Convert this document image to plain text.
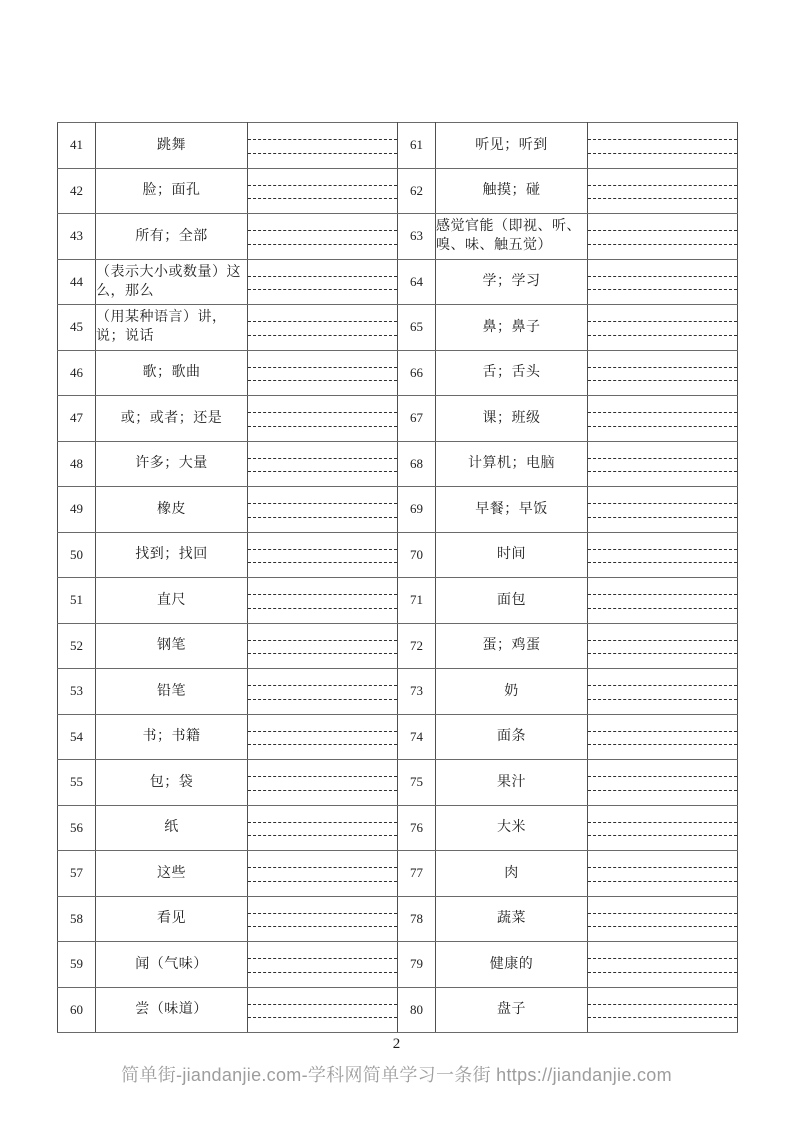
41	跳舞		61	听见；听到	

42	脸；面孔		62	触摸；碰	

43	所有；全部		63	感觉官能（即视、听、嗅、味、触五觉）	

44	（表示大小或数量）这么，那么		64	学；学习	

45	（用某种语言）讲，说；说话		65	鼻；鼻子	

46	歌；歌曲		66	舌；舌头	

47	或；或者；还是		67	课；班级	

48	许多；大量		68	计算机；电脑	

49	橡皮		69	早餐；早饭	

50	找到；找回		70	时间	

51	直尺		71	面包	

52	钢笔		72	蛋；鸡蛋	

53	铅笔		73	奶	

54	书；书籍		74	面条	

55	包；袋		75	果汁	

56	纸		76	大米	

57	这些		77	肉	

58	看见		78	蔬菜	

59	闻（气味）		79	健康的	

60	尝（味道）		80	盘子	
2
简单街-jiandanjie.com-学科网简单学习一条街 https://jiandanjie.com
